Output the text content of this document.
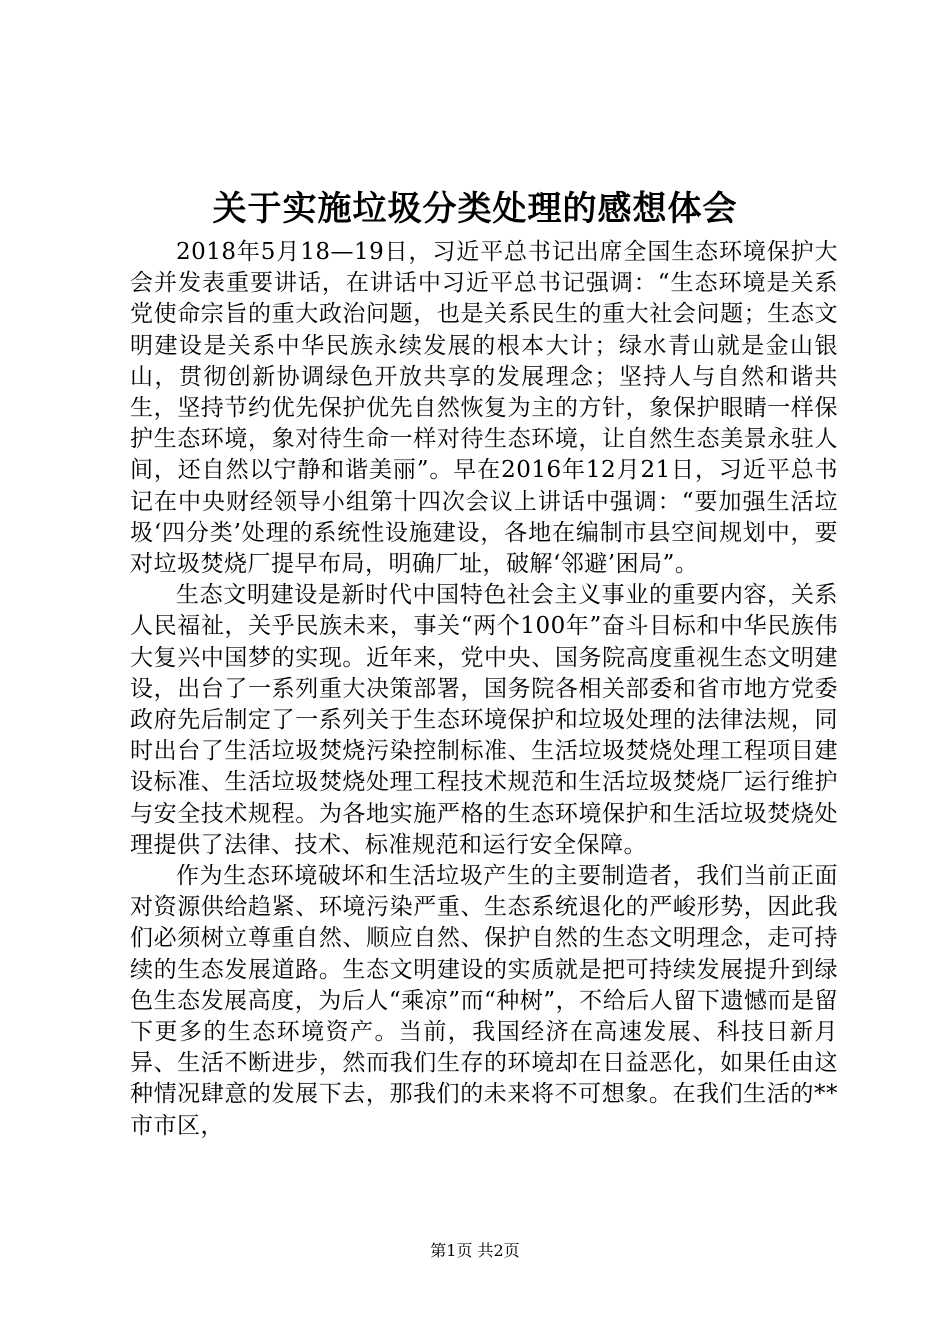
关于实施垃圾分类处理的感想体会

2018年5月18—19日，习近平总书记出席全国生态环境保护大会并发表重要讲话，在讲话中习近平总书记强调：“生态环境是关系党使命宗旨的重大政治问题，也是关系民生的重大社会问题；生态文明建设是关系中华民族永续发展的根本大计；绿水青山就是金山银山，贯彻创新协调绿色开放共享的发展理念；坚持人与自然和谐共生，坚持节约优先保护优先自然恢复为主的方针，象保护眼睛一样保护生态环境，象对待生命一样对待生态环境，让自然生态美景永驻人间，还自然以宁静和谐美丽”。早在2016年12月21日，习近平总书记在中央财经领导小组第十四次会议上讲话中强调：“要加强生活垃圾‘四分类’处理的系统性设施建设，各地在编制市县空间规划中，要对垃圾焚烧厂提早布局，明确厂址，破解‘邻避’困局”。

生态文明建设是新时代中国特色社会主义事业的重要内容，关系人民福祉，关乎民族未来，事关“两个100年”奋斗目标和中华民族伟大复兴中国梦的实现。近年来，党中央、国务院高度重视生态文明建设，出台了一系列重大决策部署，国务院各相关部委和省市地方党委政府先后制定了一系列关于生态环境保护和垃圾处理的法律法规，同时出台了生活垃圾焚烧污染控制标准、生活垃圾焚烧处理工程项目建设标准、生活垃圾焚烧处理工程技术规范和生活垃圾焚烧厂运行维护与安全技术规程。为各地实施严格的生态环境保护和生活垃圾焚烧处理提供了法律、技术、标准规范和运行安全保障。

作为生态环境破坏和生活垃圾产生的主要制造者，我们当前正面对资源供给趋紧、环境污染严重、生态系统退化的严峻形势，因此我们必须树立尊重自然、顺应自然、保护自然的生态文明理念，走可持续的生态发展道路。生态文明建设的实质就是把可持续发展提升到绿色生态发展高度，为后人“乘凉”而“种树”，不给后人留下遗憾而是留下更多的生态环境资产。当前，我国经济在高速发展、科技日新月异、生活不断进步，然而我们生存的环境却在日益恶化，如果任由这种情况肆意的发展下去，那我们的未来将不可想象。在我们生活的**市市区，

第1页 共2页
